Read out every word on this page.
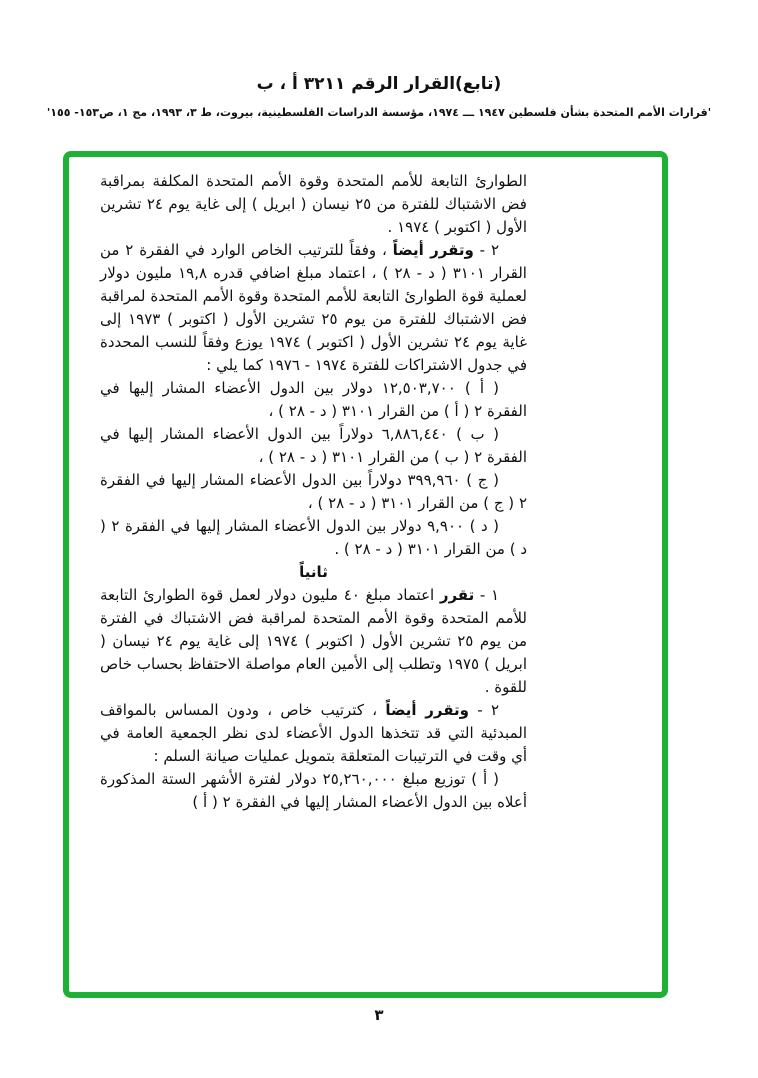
(تابع)القرار الرقم ٣٢١١ أ ، ب
'قرارات الأمم المتحدة بشأن فلسطين ١٩٤٧ ـــ ١٩٧٤، مؤسسة الدراسات الفلسطينية، بيروت، ط ٣، ١٩٩٣، مج ١، ص١٥٣- ١٥٥'

الطوارئ التابعة للأمم المتحدة وقوة الأمم المتحدة المكلفة بمراقبة فض الاشتباك للفترة من ٢٥ نيسان ( ابريل ) إلى غاية يوم ٢٤ تشرين الأول ( اكتوبر ) ١٩٧٤ .

٢ - وتقرر أيضاً ، وفقاً للترتيب الخاص الوارد في الفقرة ٢ من القرار ٣١٠١ ( د - ٢٨ ) ، اعتماد مبلغ اضافي قدره ١٩,٨ مليون دولار لعملية قوة الطوارئ التابعة للأمم المتحدة وقوة الأمم المتحدة لمراقبة فض الاشتباك للفترة من يوم ٢٥ تشرين الأول ( اكتوبر ) ١٩٧٣ إلى غاية يوم ٢٤ تشرين الأول ( اكتوبر ) ١٩٧٤ يوزع وفقاً للنسب المحددة في جدول الاشتراكات للفترة ١٩٧٤ - ١٩٧٦ كما يلي :

( أ ) ١٢,٥٠٣,٧٠٠ دولار بين الدول الأعضاء المشار إليها في الفقرة ٢ ( أ ) من القرار ٣١٠١ ( د - ٢٨ ) ،

( ب ) ٦,٨٨٦,٤٤٠ دولاراً بين الدول الأعضاء المشار إليها في الفقرة ٢ ( ب ) من القرار ٣١٠١ ( د - ٢٨ ) ،

( ج ) ٣٩٩,٩٦٠ دولاراً بين الدول الأعضاء المشار إليها في الفقرة ٢ ( ج ) من القرار ٣١٠١ ( د - ٢٨ ) ،

( د ) ٩,٩٠٠ دولار بين الدول الأعضاء المشار إليها في الفقرة ٢ ( د ) من القرار ٣١٠١ ( د - ٢٨ ) .

ثانياً

١ - تقرر اعتماد مبلغ ٤٠ مليون دولار لعمل قوة الطوارئ التابعة للأمم المتحدة وقوة الأمم المتحدة لمراقبة فض الاشتباك في الفترة من يوم ٢٥ تشرين الأول ( اكتوبر ) ١٩٧٤ إلى غاية يوم ٢٤ نيسان ( ابريل ) ١٩٧٥ وتطلب إلى الأمين العام مواصلة الاحتفاظ بحساب خاص للقوة .

٢ - وتقرر أيضاً ، كترتيب خاص ، ودون المساس بالمواقف المبدئية التي قد تتخذها الدول الأعضاء لدى نظر الجمعية العامة في أي وقت في الترتيبات المتعلقة بتمويل عمليات صيانة السلم :

( أ ) توزيع مبلغ ٢٥,٢٦٠,٠٠٠ دولار لفترة الأشهر الستة المذكورة أعلاه بين الدول الأعضاء المشار إليها في الفقرة ٢ ( أ )

٣
